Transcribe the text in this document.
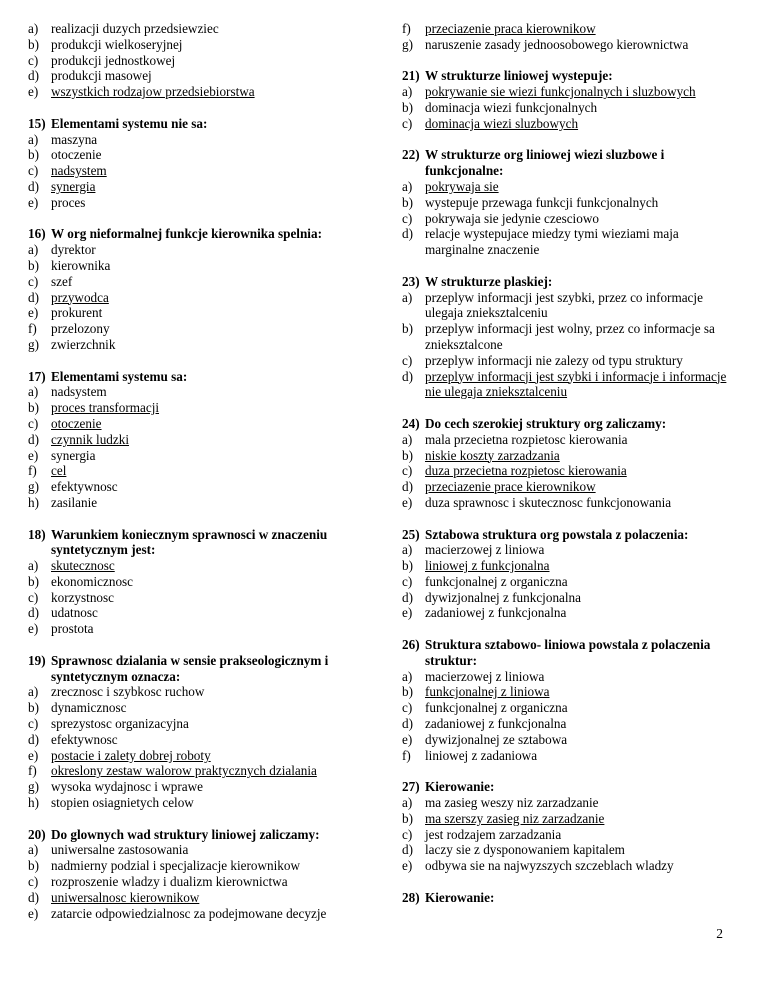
a) realizacji duzych przedsiewziec
b) produkcji wielkoseryjnej
c) produkcji jednostkowej
d) produkcji masowej
e) wszystkich rodzajow przedsiebiorstwa
15) Elementami systemu nie sa:
a) maszyna
b) otoczenie
c) nadsystem
d) synergia
e) proces
16) W org nieformalnej funkcje kierownika spelnia:
a) dyrektor
b) kierownika
c) szef
d) przywodca
e) prokurent
f)	przelozony
g) zwierzchnik
17) Elementami systemu sa:
a) nadsystem
b) proces transformacji
c) otoczenie
d) czynnik ludzki
e) synergia
f)	cel
g) efektywnosc
h) zasilanie
18) Warunkiem koniecznym sprawnosci w znaczeniu syntetycznym jest:
a) skutecznosc
b) ekonomicznosc
c) korzystnosc
d) udatnosc
e) prostota
19) Sprawnosc dzialania w sensie prakseologicznym i syntetycznym oznacza:
a) zrecznosc i szybkosc ruchow
b) dynamicznosc
c) sprezystosc organizacyjna
d) efektywnosc
e) postacie i zalety dobrej roboty
f)	okreslony zestaw walorow praktycznych dzialania
g) wysoka wydajnosc i wprawe
h) stopien osiagnietych celow
20) Do glownych wad struktury liniowej zaliczamy:
a) uniwersalne zastosowania
b) nadmierny podzial i specjalizacje kierownikow
c) rozproszenie wladzy i dualizm kierownictwa
d) uniwersalnosc kierownikow
e) zatarcie odpowiedzialnosc za podejmowane decyzje
f)	przeciazenie praca kierownikow
g) naruszenie zasady jednoosobowego kierownictwa
21) W strukturze liniowej wystepuje:
a) pokrywanie sie wiezi funkcjonalnych i sluzbowych
b) dominacja wiezi funkcjonalnych
c) dominacja wiezi sluzbowych
22) W strukturze org liniowej wiezi sluzbowe i funkcjonalne:
a) pokrywaja sie
b) wystepuje przewaga funkcji funkcjonalnych
c) pokrywaja sie jedynie czesciowo
d) relacje wystepujace miedzy tymi wieziami maja marginalne znaczenie
23) W strukturze plaskiej:
a) przeplyw informacji jest szybki, przez co informacje ulegaja znieksztalceniu
b) przeplyw informacji jest wolny, przez co informacje sa znieksztalcone
c) przeplyw informacji nie zalezy od typu struktury
d) przeplyw informacji jest szybki i informacje i informacje nie ulegaja znieksztalceniu
24) Do cech szerokiej struktury org zaliczamy:
a) mala przecietna rozpietosc kierowania
b) niskie koszty zarzadzania
c) duza przecietna rozpietosc kierowania
d) przeciazenie prace kierownikow
e) duza sprawnosc i skutecznosc funkcjonowania
25) Sztabowa struktura org powstala z polaczenia:
a) macierzowej z liniowa
b) liniowej z funkcjonalna
c) funkcjonalnej z organiczna
d) dywizjonalnej z funkcjonalna
e) zadaniowej z funkcjonalna
26) Struktura sztabowo- liniowa powstala z polaczenia struktur:
a) macierzowej z liniowa
b) funkcjonalnej z liniowa
c) funkcjonalnej z organiczna
d) zadaniowej z funkcjonalna
e) dywizjonalnej ze sztabowa
f)	liniowej z zadaniowa
27) Kierowanie:
a) ma zasieg weszy niz zarzadzanie
b) ma szerszy zasieg niz zarzadzanie
c) jest rodzajem zarzadzania
d) laczy sie z dysponowaniem kapitalem
e) odbywa sie na najwyzszych szczeblach wladzy
28) Kierowanie:
2
